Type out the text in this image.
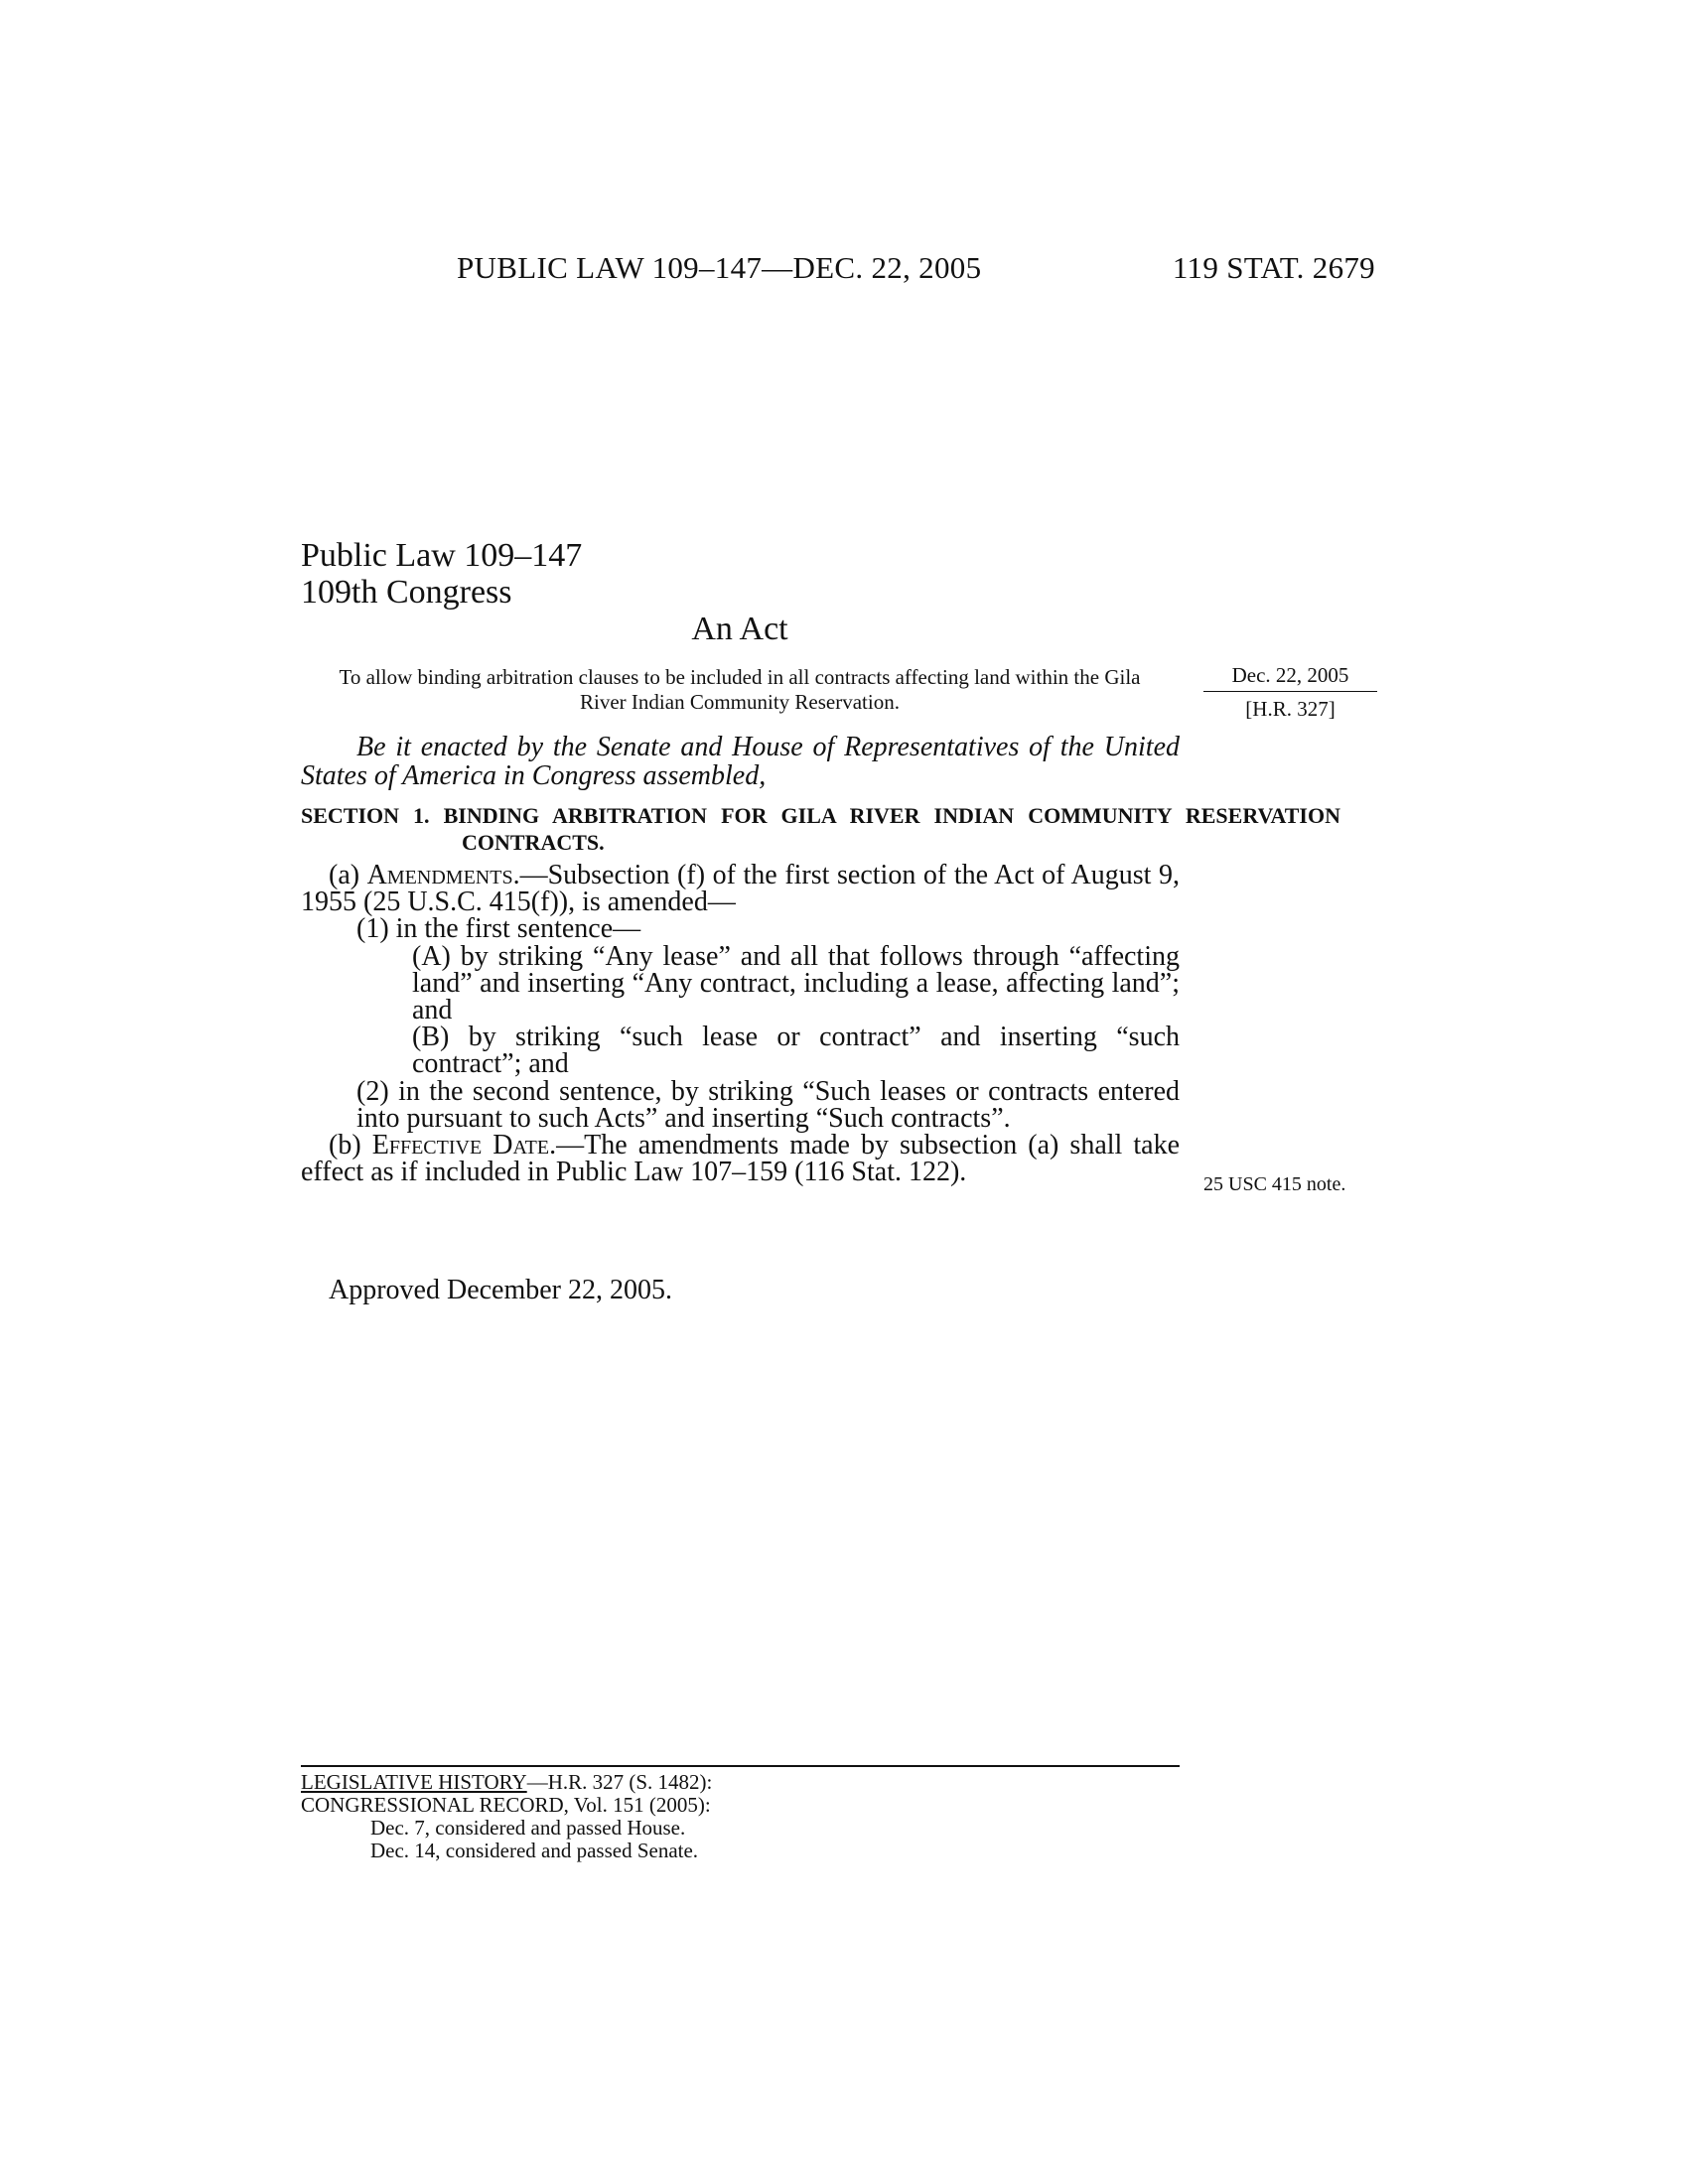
PUBLIC LAW 109–147—DEC. 22, 2005	119 STAT. 2679
Public Law 109–147
109th Congress
An Act
To allow binding arbitration clauses to be included in all contracts affecting land within the Gila River Indian Community Reservation.
Dec. 22, 2005
[H.R. 327]
25 USC 415 note.
Be it enacted by the Senate and House of Representatives of the United States of America in Congress assembled,
SECTION 1. BINDING ARBITRATION FOR GILA RIVER INDIAN COMMUNITY RESERVATION CONTRACTS.

(a) Amendments.—Subsection (f) of the first section of the Act of August 9, 1955 (25 U.S.C. 415(f)), is amended—

(1) in the first sentence—

(A) by striking “Any lease” and all that follows through “affecting land” and inserting “Any contract, including a lease, affecting land”; and

(B) by striking “such lease or contract” and inserting “such contract”; and

(2) in the second sentence, by striking “Such leases or contracts entered into pursuant to such Acts” and inserting “Such contracts”.

(b) Effective Date.—The amendments made by subsection (a) shall take effect as if included in Public Law 107–159 (116 Stat. 122).

Approved December 22, 2005.
LEGISLATIVE HISTORY—H.R. 327 (S. 1482):
CONGRESSIONAL RECORD, Vol. 151 (2005):
Dec. 7, considered and passed House.
Dec. 14, considered and passed Senate.
